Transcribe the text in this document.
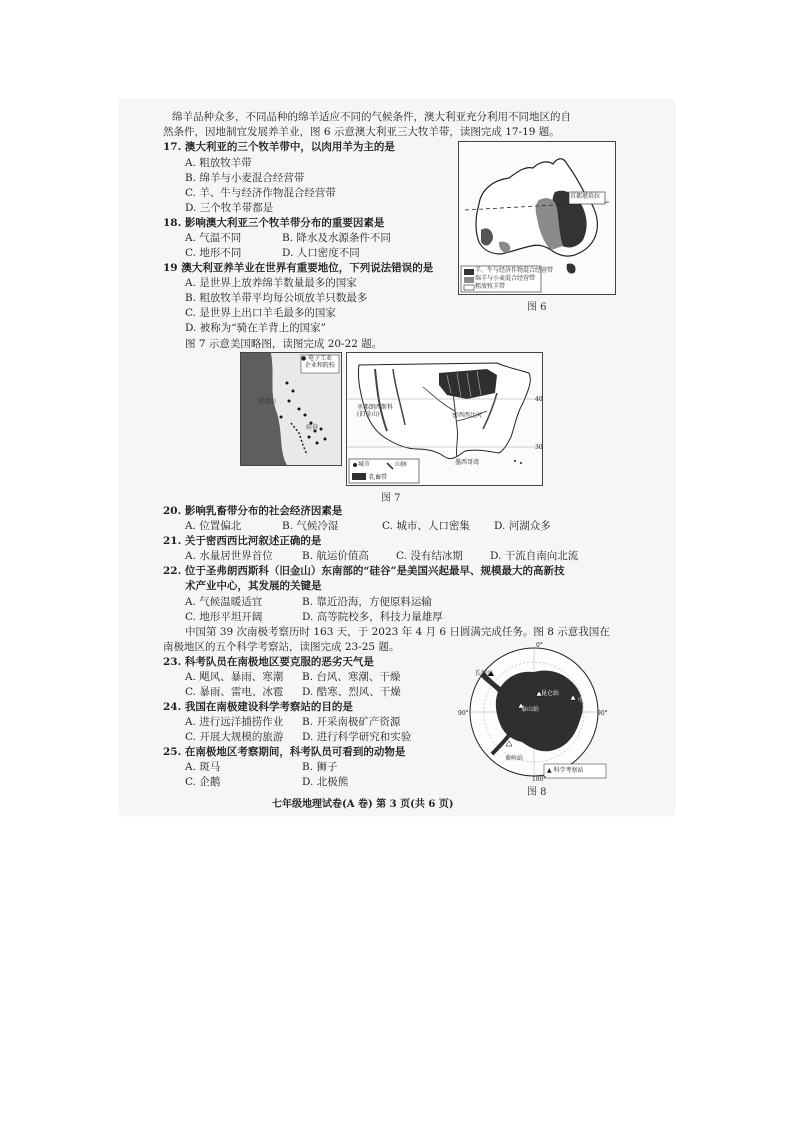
绵羊品种众多，不同品种的绵羊适应不同的气候条件，澳大利亚充分利用不同地区的自
然条件，因地制宜发展养羊业，图 6 示意澳大利亚三大牧羊带，读图完成 17-19 题。
17. 澳大利亚的三个牧羊带中，以肉用羊为主的是
A. 粗放牧羊带
B. 绵羊与小麦混合经营带
C. 羊、牛与经济作物混合经营带
D. 三个牧羊带都是
18. 影响澳大利亚三个牧羊带分布的重要因素是
A. 气温不同	B. 降水及水源条件不同
C. 地形不同	D. 人口密度不同
19 澳大利亚养羊业在世界有重要地位，下列说法错误的是
A. 是世界上放养绵羊数量最多的国家
B. 粗放牧羊带平均每公顷放羊只数最多
C. 是世界上出口羊毛最多的国家
D. 被称为“骑在羊背上的国家”
首都堪培拉
羊、牛与经济作物混合经营带
绵羊与小麦混合经营带
粗放牧羊带
图 6
图 7 示意美国略图，读图完成 20-22 题。
● 电子工业
企业和院校
旧金山
硅谷
圣弗朗西斯科
(旧金山)	密西西比河
墨西哥湾
城市	山脉
乳畜带
40
30
图 7
20. 影响乳畜带分布的社会经济因素是
A. 位置偏北	B. 气候冷湿	C. 城市、人口密集 D. 河湖众多
21. 关于密西西比河叙述正确的是
A. 水量居世界首位	B. 航运价值高	C. 没有结冰期	D. 干流自南向北流
22. 位于圣弗朗西斯科（旧金山）东南部的“硅谷”是美国兴起最早、规模最大的高新技
术产业中心，其发展的关键是
A. 气候温暖适宜	B. 靠近沿海，方便原料运输
C. 地形平坦开阔	D. 高等院校多，科技力量雄厚
中国第 39 次南极考察历时 163 天，于 2023 年 4 月 6 日圆满完成任务。图 8 示意我国在
南极地区的五个科学考察站，读图完成 23-25 题。
23. 科考队员在南极地区要克服的恶劣天气是
A. 飓风、暴雨、寒潮 B. 台风、寒潮、干燥
C. 暴雨、雷电、冰雹 D. 酷寒、烈风、干燥
24. 我国在南极建设科学考察站的目的是
A. 进行远洋捕捞作业 B. 开采南极矿产资源
C. 开展大规模的旅游 D. 进行科学研究和实验
25. 在南极地区考察期间，科考队员可看到的动物是
A. 斑马	B. 狮子
C. 企鹅	D. 北极熊
0°
90°	90°
180°
昆仑站
泰山站
中山站
长城站
秦岭站
▲ 科学考察站
图 8
七年级地理试卷(A 卷) 第 3 页(共 6 页)
